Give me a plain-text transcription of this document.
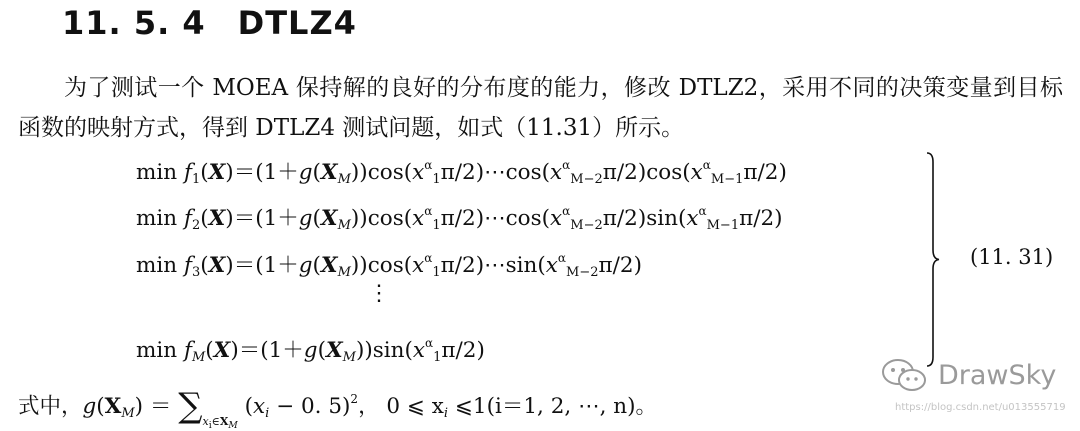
11. 5. 4 DTLZ4
为了测试一个 MOEA 保持解的良好的分布度的能力，修改 DTLZ2，采用不同的决策变量到目标函数的映射方式，得到 DTLZ4 测试问题，如式（11.31）所示。
$\min f_1(X)=(1+g(X_M))\cos(x^\alpha_1\pi/2)\cdots\cos(x^\alpha_{M-2}\pi/2)\cos(x^\alpha_{M-1}\pi/2)$
$\min f_2(X)=(1+g(X_M))\cos(x^\alpha_1\pi/2)\cdots\cos(x^\alpha_{M-2}\pi/2)\sin(x^\alpha_{M-1}\pi/2)$
$\min f_3(X)=(1+g(X_M))\cos(x^\alpha_1\pi/2)\cdots\sin(x^\alpha_{M-2}\pi/2)$
⋮
$\min f_M(X)=(1+g(X_M))\sin(x^\alpha_1\pi/2)$
(11. 31)
式中，$g(X_M) = \sum_{x_i\in X_M}$ ($x_i - 0$. 5)$^2$， 0 ⩽ $x_i$ ⩽1(i＝1, 2, ⋯, n)。
DrawSky
https://blog.csdn.net/u013555719
